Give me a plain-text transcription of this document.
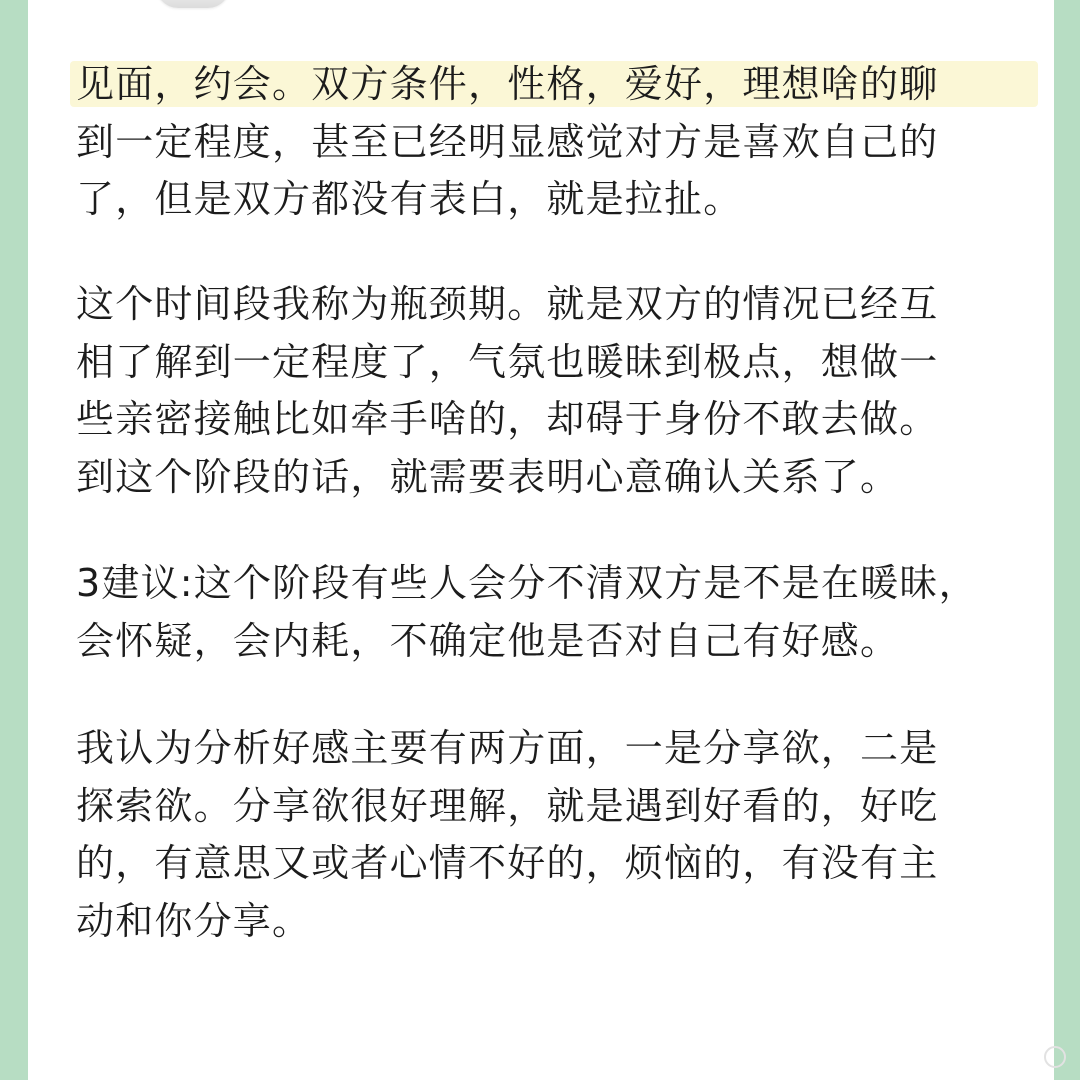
见面，约会。双方条件，性格，爱好，理想啥的聊
到一定程度，甚至已经明显感觉对方是喜欢自己的
了，但是双方都没有表白，就是拉扯。

这个时间段我称为瓶颈期。就是双方的情况已经互
相了解到一定程度了，气氛也暖昧到极点，想做一
些亲密接触比如牵手啥的，却碍于身份不敢去做。
到这个阶段的话，就需要表明心意确认关系了。

3建议:这个阶段有些人会分不清双方是不是在暖昧，
会怀疑，会内耗，不确定他是否对自己有好感。

我认为分析好感主要有两方面，一是分享欲，二是
探索欲。分享欲很好理解，就是遇到好看的，好吃
的，有意思又或者心情不好的，烦恼的，有没有主
动和你分享。
